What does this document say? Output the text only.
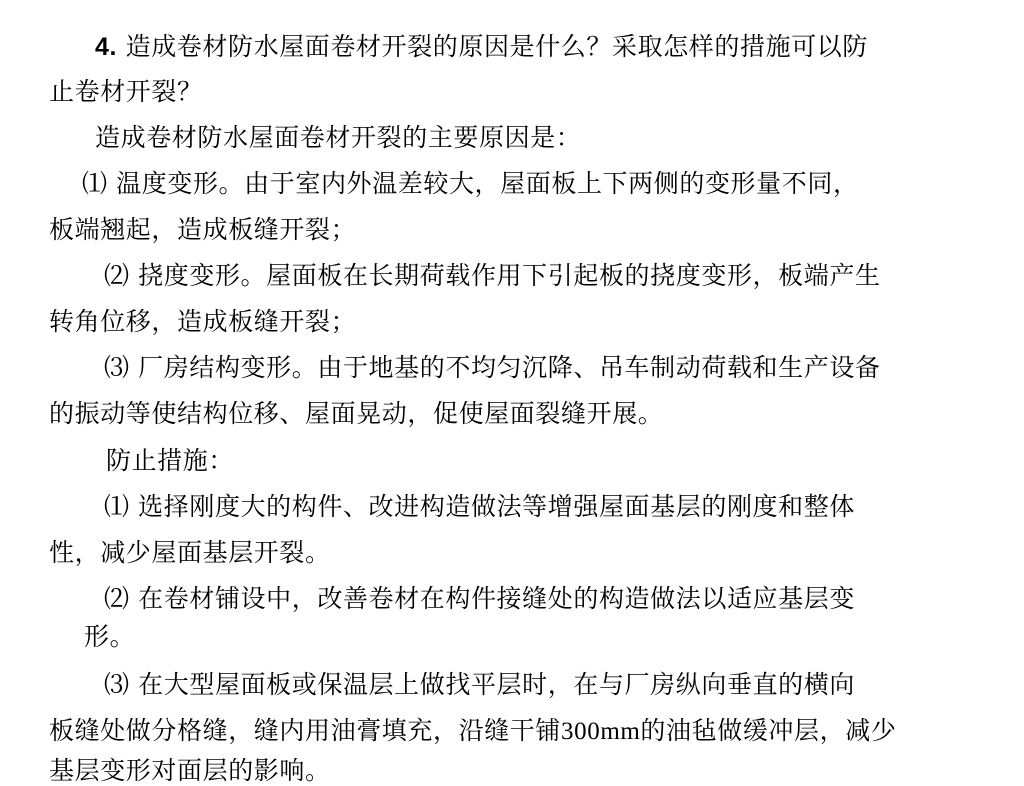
4. 造成卷材防水屋面卷材开裂的原因是什么？采取怎样的措施可以防
止卷材开裂？
造成卷材防水屋面卷材开裂的主要原因是：
⑴ 温度变形。由于室内外温差较大，屋面板上下两侧的变形量不同，
板端翘起，造成板缝开裂；
⑵ 挠度变形。屋面板在长期荷载作用下引起板的挠度变形，板端产生
转角位移，造成板缝开裂；
⑶ 厂房结构变形。由于地基的不均匀沉降、吊车制动荷载和生产设备
的振动等使结构位移、屋面晃动，促使屋面裂缝开展。
防止措施：
⑴ 选择刚度大的构件、改进构造做法等增强屋面基层的刚度和整体
性，减少屋面基层开裂。
⑵ 在卷材铺设中，改善卷材在构件接缝处的构造做法以适应基层变
形。
⑶ 在大型屋面板或保温层上做找平层时，在与厂房纵向垂直的横向
板缝处做分格缝，缝内用油膏填充，沿缝干铺300mm的油毡做缓冲层，减少
基层变形对面层的影响。
